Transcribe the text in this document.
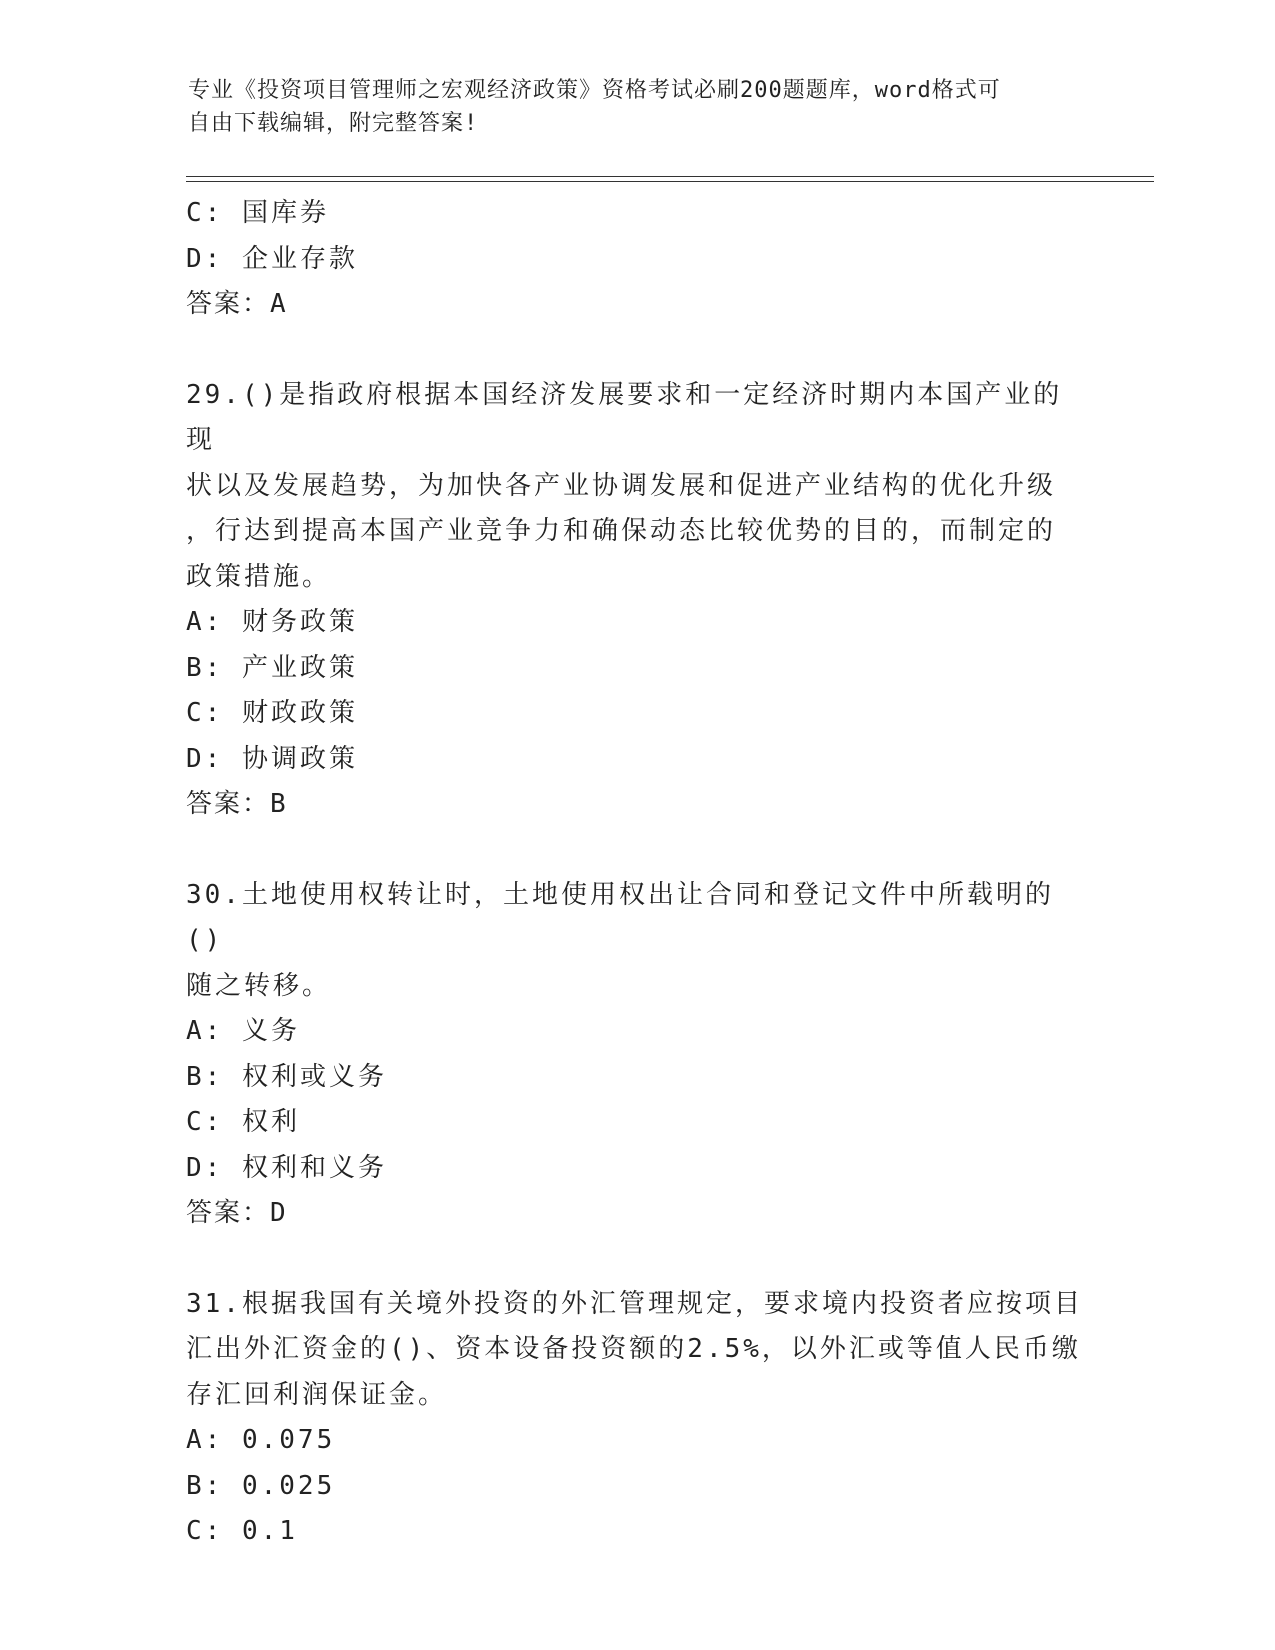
专业《投资项目管理师之宏观经济政策》资格考试必刷200题题库，word格式可
自由下载编辑，附完整答案!

C: 国库券

D: 企业存款

答案：A

29.()是指政府根据本国经济发展要求和一定经济时期内本国产业的现

状以及发展趋势，为加快各产业协调发展和促进产业结构的优化升级

，行达到提高本国产业竞争力和确保动态比较优势的目的，而制定的

政策措施。

A: 财务政策

B: 产业政策

C: 财政政策

D: 协调政策

答案：B

30.土地使用权转让时，土地使用权出让合同和登记文件中所载明的()

随之转移。

A: 义务

B: 权利或义务

C: 权利

D: 权利和义务

答案：D

31.根据我国有关境外投资的外汇管理规定，要求境内投资者应按项目

汇出外汇资金的()、资本设备投资额的2.5%，以外汇或等值人民币缴

存汇回利润保证金。

A: 0.075

B: 0.025

C: 0.1
